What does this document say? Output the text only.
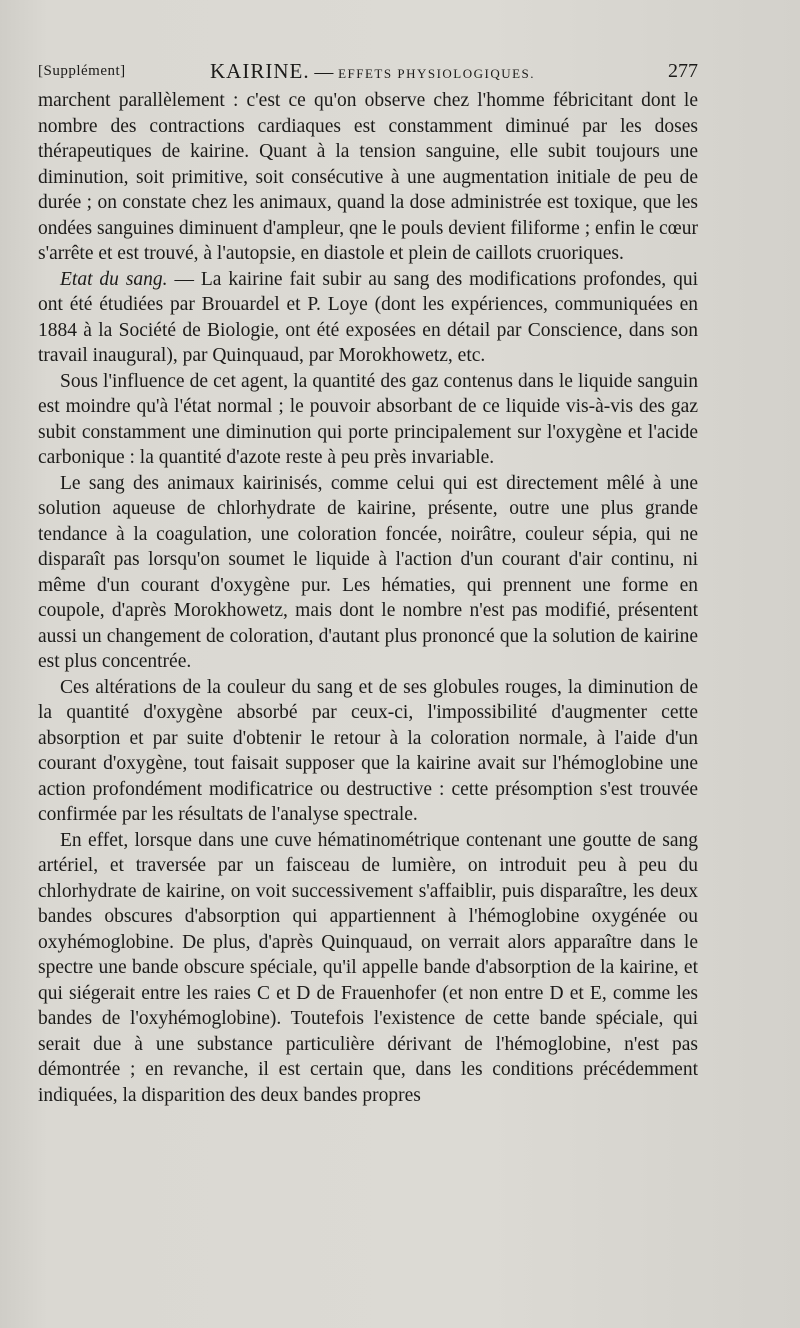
[Supplément]	KAIRINE. — EFFETS PHYSIOLOGIQUES.	277

marchent parallèlement : c'est ce qu'on observe chez l'homme fébricitant dont le nombre des contractions cardiaques est constamment diminué par les doses thérapeutiques de kairine. Quant à la tension sanguine, elle subit toujours une diminution, soit primitive, soit consécutive à une augmentation initiale de peu de durée ; on constate chez les animaux, quand la dose administrée est toxique, que les ondées sanguines diminuent d'ampleur, qne le pouls devient filiforme ; enfin le cœur s'arrête et est trouvé, à l'autopsie, en diastole et plein de caillots cruoriques.

Etat du sang. — La kairine fait subir au sang des modifications profondes, qui ont été étudiées par Brouardel et P. Loye (dont les expériences, communiquées en 1884 à la Société de Biologie, ont été exposées en détail par Conscience, dans son travail inaugural), par Quinquaud, par Morokhowetz, etc.

Sous l'influence de cet agent, la quantité des gaz contenus dans le liquide sanguin est moindre qu'à l'état normal ; le pouvoir absorbant de ce liquide vis-à-vis des gaz subit constamment une diminution qui porte principalement sur l'oxygène et l'acide carbonique : la quantité d'azote reste à peu près invariable.

Le sang des animaux kairinisés, comme celui qui est directement mêlé à une solution aqueuse de chlorhydrate de kairine, présente, outre une plus grande tendance à la coagulation, une coloration foncée, noirâtre, couleur sépia, qui ne disparaît pas lorsqu'on soumet le liquide à l'action d'un courant d'air continu, ni même d'un courant d'oxygène pur. Les hématies, qui prennent une forme en coupole, d'après Morokhowetz, mais dont le nombre n'est pas modifié, présentent aussi un changement de coloration, d'autant plus prononcé que la solution de kairine est plus concentrée.

Ces altérations de la couleur du sang et de ses globules rouges, la diminution de la quantité d'oxygène absorbé par ceux-ci, l'impossibilité d'augmenter cette absorption et par suite d'obtenir le retour à la coloration normale, à l'aide d'un courant d'oxygène, tout faisait supposer que la kairine avait sur l'hémoglobine une action profondément modificatrice ou destructive : cette présomption s'est trouvée confirmée par les résultats de l'analyse spectrale.

En effet, lorsque dans une cuve hématinométrique contenant une goutte de sang artériel, et traversée par un faisceau de lumière, on introduit peu à peu du chlorhydrate de kairine, on voit successivement s'affaiblir, puis disparaître, les deux bandes obscures d'absorption qui appartiennent à l'hémoglobine oxygénée ou oxyhémoglobine. De plus, d'après Quinquaud, on verrait alors apparaître dans le spectre une bande obscure spéciale, qu'il appelle bande d'absorption de la kairine, et qui siégerait entre les raies C et D de Frauenhofer (et non entre D et E, comme les bandes de l'oxyhémoglobine). Toutefois l'existence de cette bande spéciale, qui serait due à une substance particulière dérivant de l'hémoglobine, n'est pas démontrée ; en revanche, il est certain que, dans les conditions précédemment indiquées, la disparition des deux bandes propres
